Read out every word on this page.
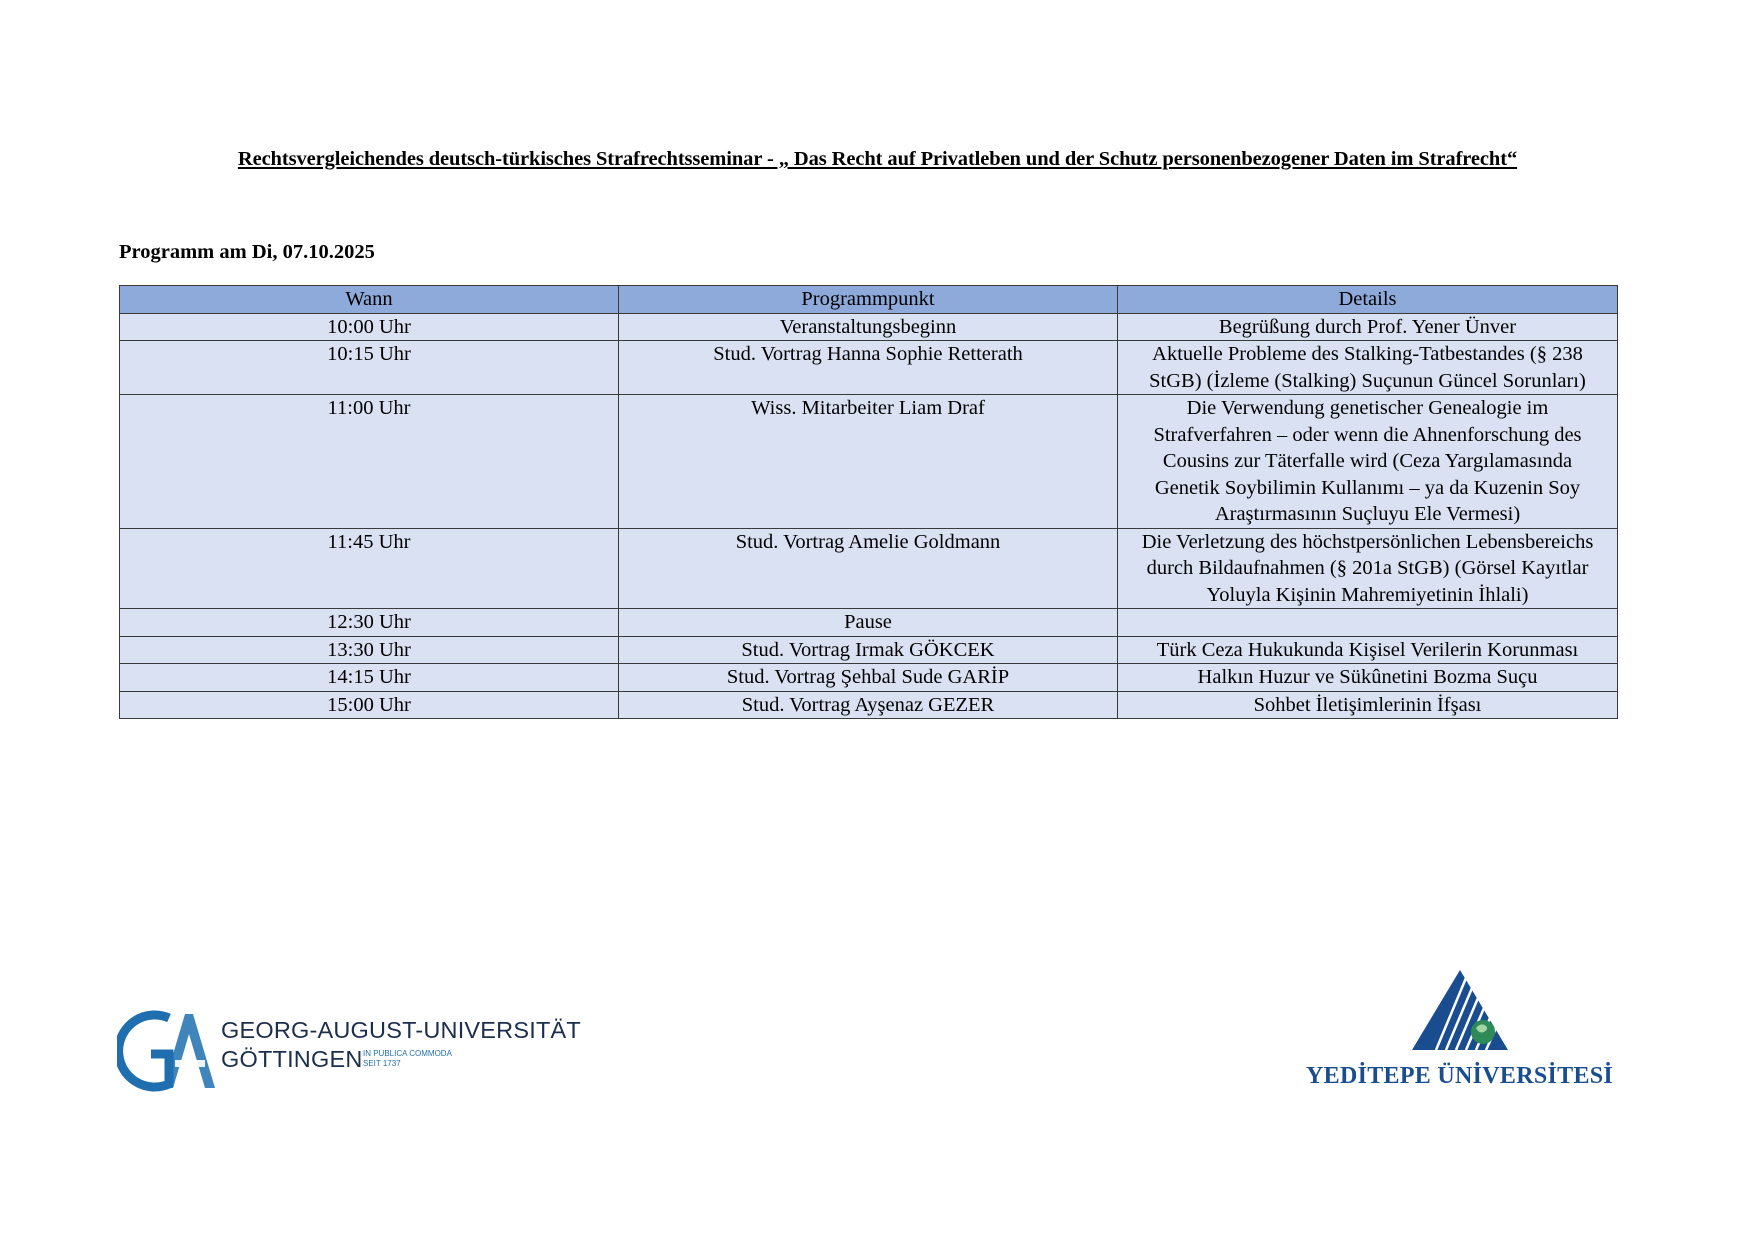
Rechtsvergleichendes deutsch-türkisches Strafrechtsseminar - „ Das Recht auf Privatleben und der Schutz personenbezogener Daten im Strafrecht“
Programm am Di, 07.10.2025
Wann	Programmpunkt	Details
10:00 Uhr	Veranstaltungsbeginn	Begrüßung durch Prof. Yener Ünver
10:15 Uhr	Stud. Vortrag Hanna Sophie Retterath	Aktuelle Probleme des Stalking-Tatbestandes (§ 238 StGB) (İzleme (Stalking) Suçunun Güncel Sorunları)
11:00 Uhr	Wiss. Mitarbeiter Liam Draf	Die Verwendung genetischer Genealogie im Strafverfahren – oder wenn die Ahnenforschung des Cousins zur Täterfalle wird (Ceza Yargılamasında Genetik Soybilimin Kullanımı – ya da Kuzenin Soy Araştırmasının Suçluyu Ele Vermesi)
11:45 Uhr	Stud. Vortrag Amelie Goldmann	Die Verletzung des höchstpersönlichen Lebensbereichs durch Bildaufnahmen (§ 201a StGB) (Görsel Kayıtlar Yoluyla Kişinin Mahremiyetinin İhlali)
12:30 Uhr	Pause	
13:30 Uhr	Stud. Vortrag Irmak GÖKCEK	Türk Ceza Hukukunda Kişisel Verilerin Korunması
14:15 Uhr	Stud. Vortrag Şehbal Sude GARİP	Halkın Huzur ve Sükûnetini Bozma Suçu
15:00 Uhr	Stud. Vortrag Ayşenaz GEZER	Sohbet İletişimlerinin İfşası
GEORG-AUGUST-UNIVERSITÄT
GÖTTINGEN IN PUBLICA COMMODA
SEIT 1737	YEDİTEPE ÜNİVERSİTESİ
